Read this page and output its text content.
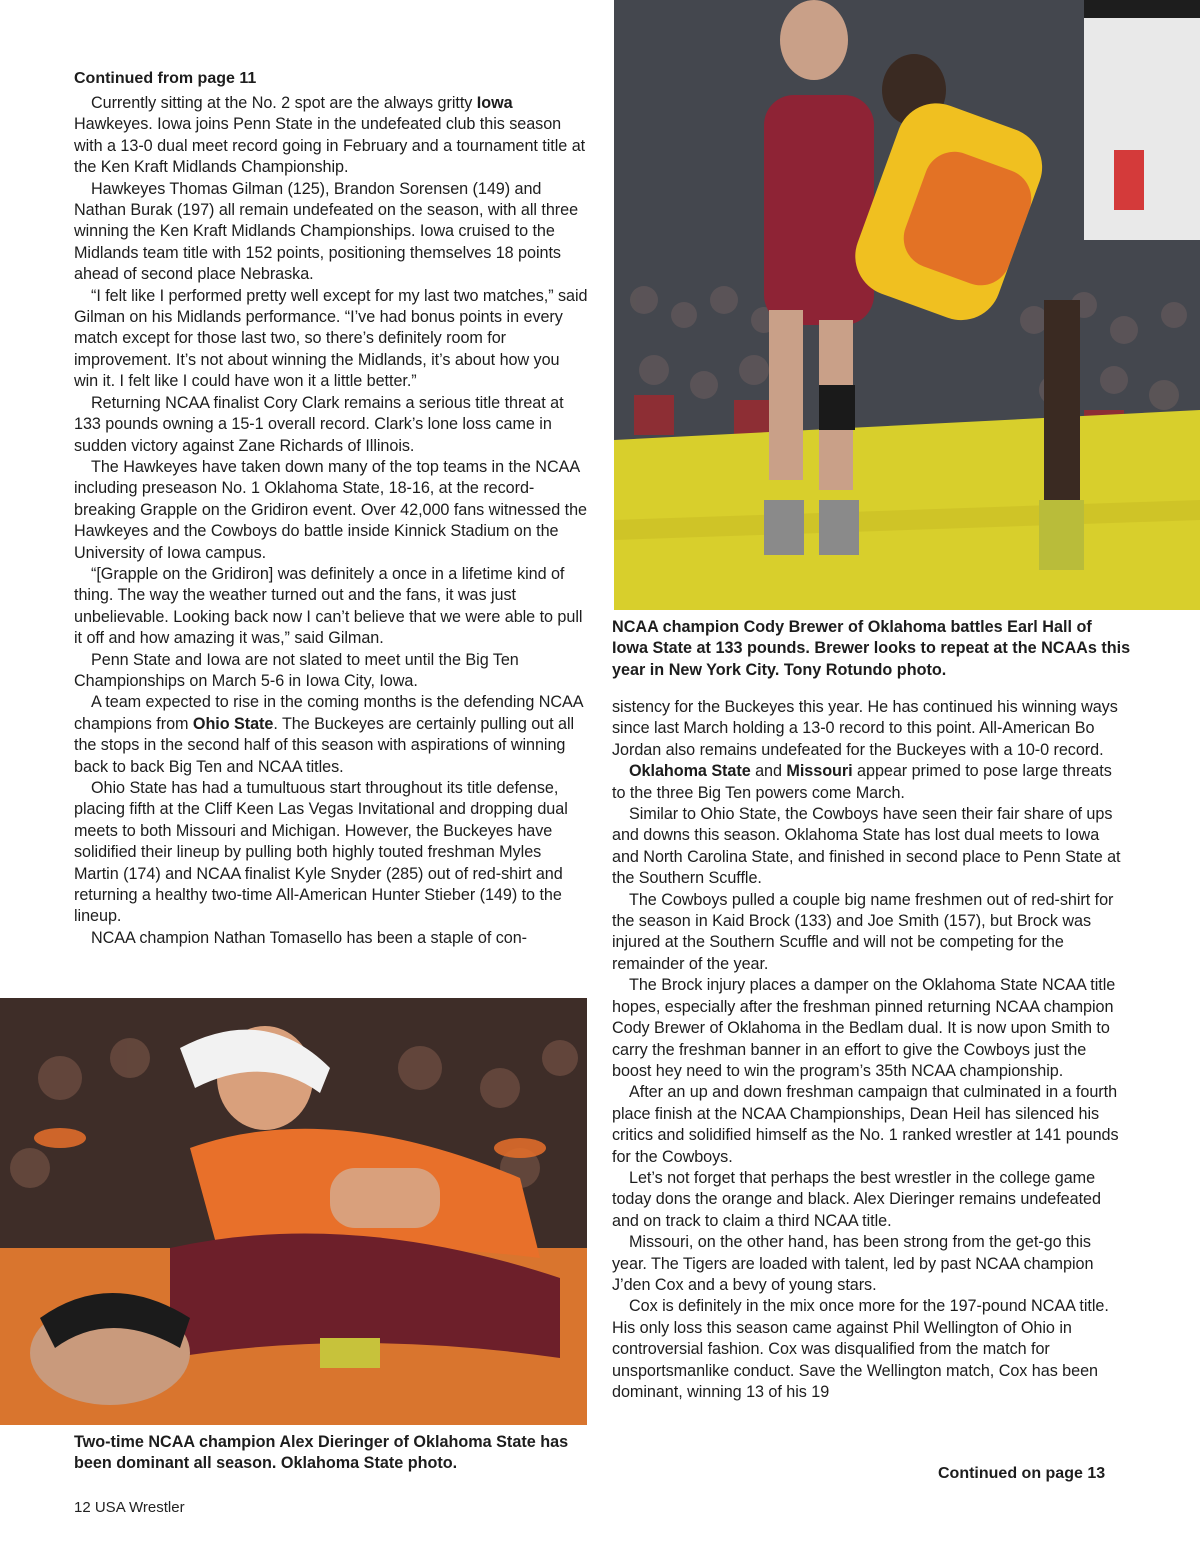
Continued from page 11

Currently sitting at the No. 2 spot are the always gritty Iowa Hawkeyes. Iowa joins Penn State in the undefeated club this season with a 13-0 dual meet record going in February and a tournament title at the Ken Kraft Midlands Championship.

Hawkeyes Thomas Gilman (125), Brandon Sorensen (149) and Nathan Burak (197) all remain undefeated on the season, with all three winning the Ken Kraft Midlands Championships. Iowa cruised to the Midlands team title with 152 points, positioning themselves 18 points ahead of second place Nebraska.

“I felt like I performed pretty well except for my last two matches,” said Gilman on his Midlands performance. “I’ve had bonus points in every match except for those last two, so there’s definitely room for improvement. It’s not about winning the Midlands, it’s about how you win it. I felt like I could have won it a little better.”

Returning NCAA finalist Cory Clark remains a serious title threat at 133 pounds owning a 15-1 overall record. Clark’s lone loss came in sudden victory against Zane Richards of Illinois.

The Hawkeyes have taken down many of the top teams in the NCAA including preseason No. 1 Oklahoma State, 18-16, at the record-breaking Grapple on the Gridiron event. Over 42,000 fans witnessed the Hawkeyes and the Cowboys do battle inside Kinnick Stadium on the University of Iowa campus.

“[Grapple on the Gridiron] was definitely a once in a lifetime kind of thing. The way the weather turned out and the fans, it was just unbelievable. Looking back now I can’t believe that we were able to pull it off and how amazing it was,” said Gilman.

Penn State and Iowa are not slated to meet until the Big Ten Championships on March 5-6 in Iowa City, Iowa.

A team expected to rise in the coming months is the defending NCAA champions from Ohio State. The Buckeyes are certainly pulling out all the stops in the second half of this season with aspirations of winning back to back Big Ten and NCAA titles.

Ohio State has had a tumultuous start throughout its title defense, placing fifth at the Cliff Keen Las Vegas Invitational and dropping dual meets to both Missouri and Michigan. However, the Buckeyes have solidified their lineup by pulling both highly touted freshman Myles Martin (174) and NCAA finalist Kyle Snyder (285) out of red-shirt and returning a healthy two-time All-American Hunter Stieber (149) to the lineup.

NCAA champion Nathan Tomasello has been a staple of con-

NCAA champion Cody Brewer of Oklahoma battles Earl Hall of Iowa State at 133 pounds. Brewer looks to repeat at the NCAAs this year in New York City. Tony Rotundo photo.

sistency for the Buckeyes this year. He has continued his winning ways since last March holding a 13-0 record to this point. All-American Bo Jordan also remains undefeated for the Buckeyes with a 10-0 record.

Oklahoma State and Missouri appear primed to pose large threats to the three Big Ten powers come March.

Similar to Ohio State, the Cowboys have seen their fair share of ups and downs this season. Oklahoma State has lost dual meets to Iowa and North Carolina State, and finished in second place to Penn State at the Southern Scuffle.

The Cowboys pulled a couple big name freshmen out of red-shirt for the season in Kaid Brock (133) and Joe Smith (157), but Brock was injured at the Southern Scuffle and will not be competing for the remainder of the year.

The Brock injury places a damper on the Oklahoma State NCAA title hopes, especially after the freshman pinned returning NCAA champion Cody Brewer of Oklahoma in the Bedlam dual. It is now upon Smith to carry the freshman banner in an effort to give the Cowboys just the boost hey need to win the program’s 35th NCAA championship.

After an up and down freshman campaign that culminated in a fourth place finish at the NCAA Championships, Dean Heil has silenced his critics and solidified himself as the No. 1 ranked wrestler at 141 pounds for the Cowboys.

Let’s not forget that perhaps the best wrestler in the college game today dons the orange and black. Alex Dieringer remains undefeated and on track to claim a third NCAA title.

Missouri, on the other hand, has been strong from the get-go this year. The Tigers are loaded with talent, led by past NCAA champion J’den Cox and a bevy of young stars.

Cox is definitely in the mix once more for the 197-pound NCAA title. His only loss this season came against Phil Wellington of Ohio in controversial fashion. Cox was disqualified from the match for unsportsmanlike conduct. Save the Wellington match, Cox has been dominant, winning 13 of his 19

Two-time NCAA champion Alex Dieringer of Oklahoma State has been dominant all season. Oklahoma State photo.
Continued on page 13
12 USA Wrestler
